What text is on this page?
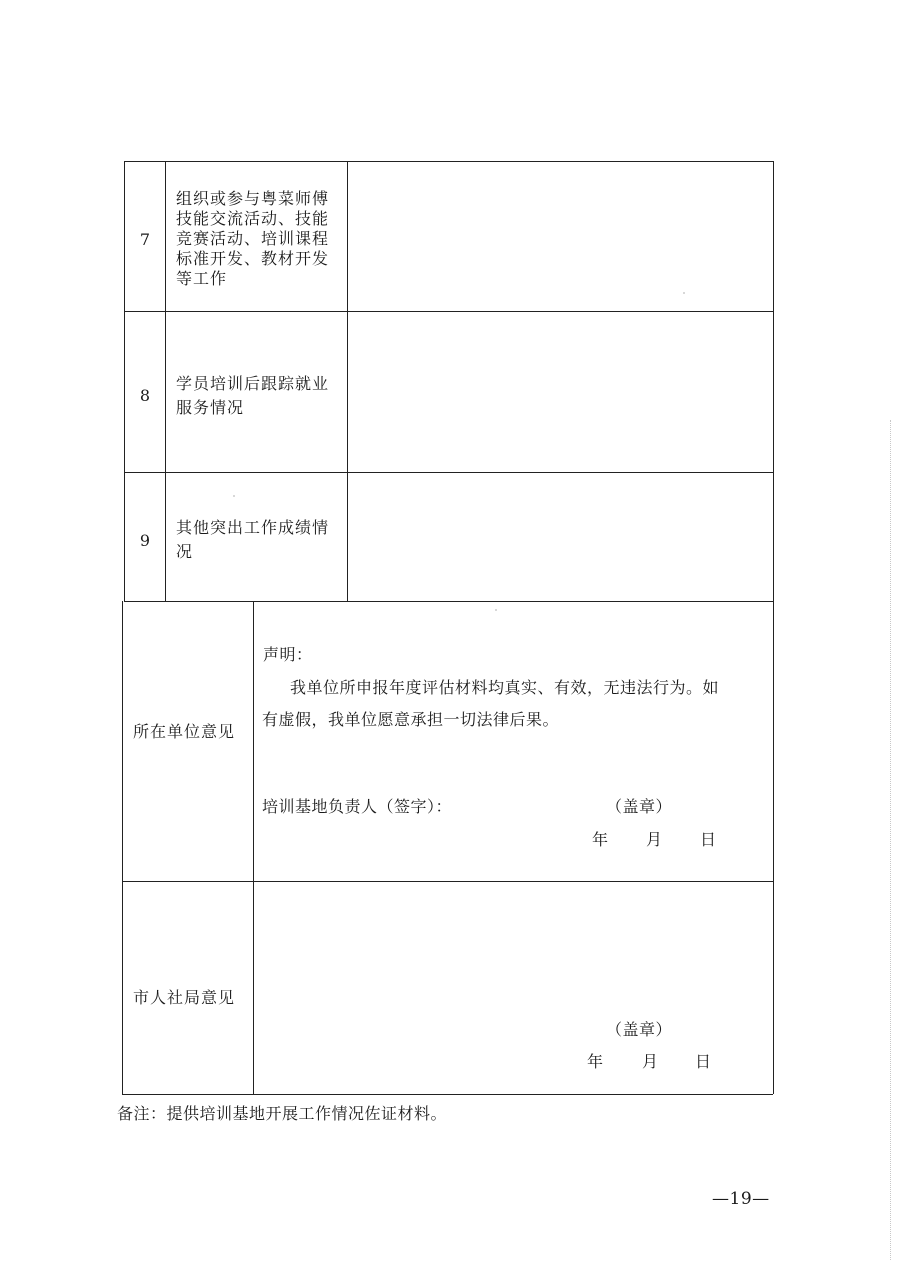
7
组织或参与粤菜师傅
技能交流活动、技能
竞赛活动、培训课程
标准开发、教材开发
等工作
8
学员培训后跟踪就业
服务情况
9
其他突出工作成绩情
况
所在单位意见
声明：
我单位所申报年度评估材料均真实、有效，无违法行为。如
有虚假，我单位愿意承担一切法律后果。
培训基地负责人（签字）：	（盖章）
年 月 日
市人社局意见
（盖章）
年 月 日
备注：提供培训基地开展工作情况佐证材料。
—19—
